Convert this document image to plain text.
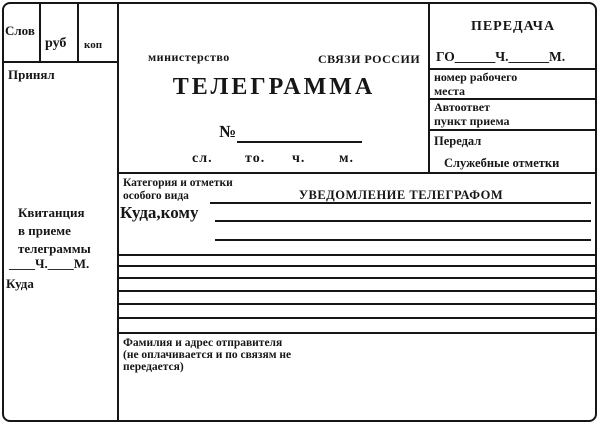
Слов
руб коп
Принял
Квитанция в приеме телеграммы
____Ч.____М.
Куда
министерство	СВЯЗИ РОССИИ
ТЕЛЕГРАММА
№
сл. то. ч. м.
ПЕРЕДАЧА
ГО______Ч.______М.
номер рабочего места
Автоответ пункт приема
Передал
Служебные отметки
Категория и отметки
особого вида	УВЕДОМЛЕНИЕ ТЕЛЕГРАФОМ
Куда,кому
Фамилия и адрес отправителя
(не оплачивается и по связям не
передается)
